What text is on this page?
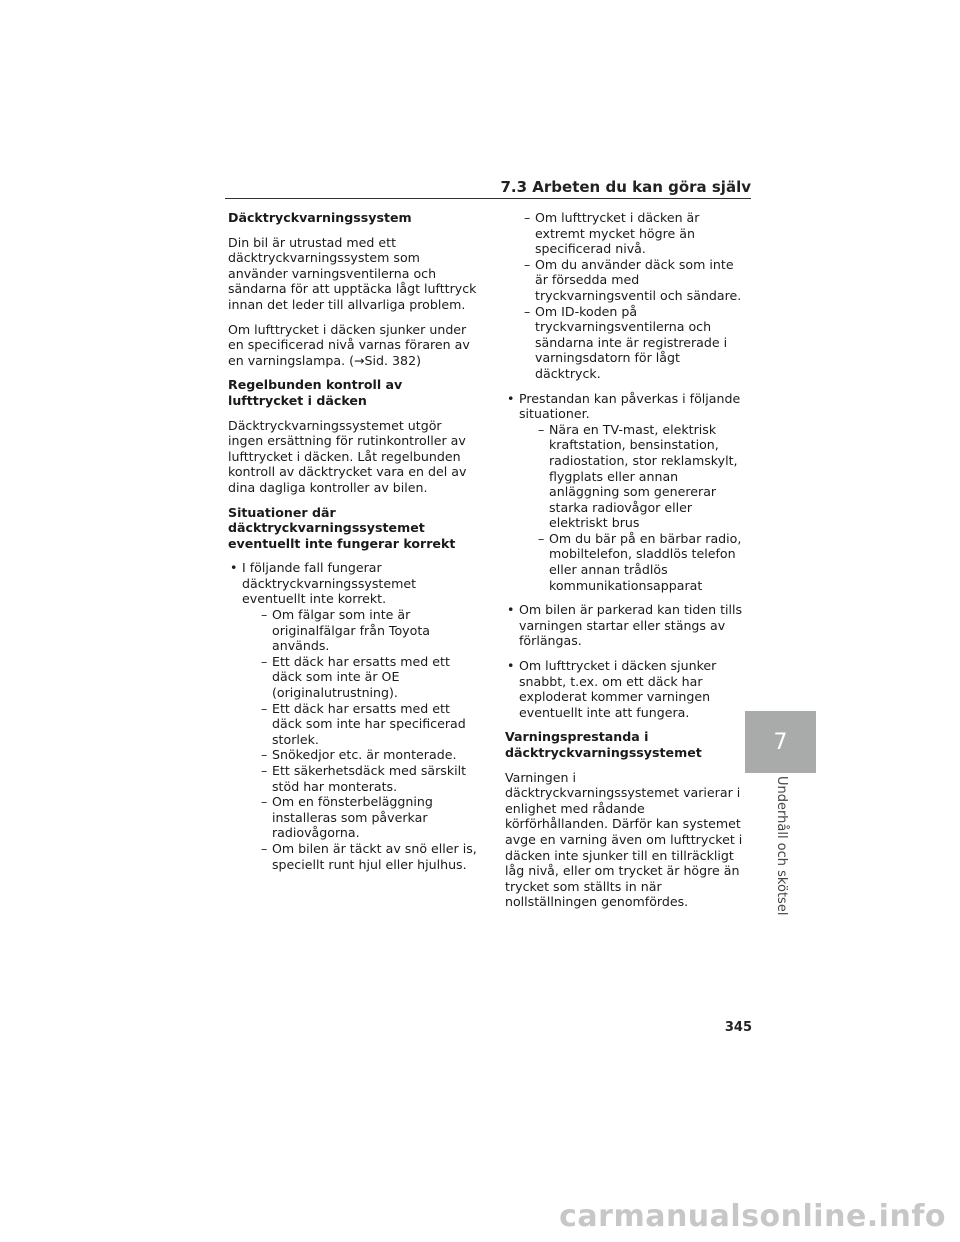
7.3 Arbeten du kan göra själv
Däcktryckvarningssystem

Din bil är utrustad med ett däcktryckvarningssystem som använder varningsventilerna och sändarna för att upptäcka lågt lufttryck innan det leder till allvarliga problem.

Om lufttrycket i däcken sjunker under en specificerad nivå varnas föraren av en varningslampa. (→Sid. 382)

Regelbunden kontroll av lufttrycket i däcken

Däcktryckvarningssystemet utgör ingen ersättning för rutinkontroller av lufttrycket i däcken. Låt regelbunden kontroll av däcktrycket vara en del av dina dagliga kontroller av bilen.

Situationer där däcktryckvarningssystemet eventuellt inte fungerar korrekt
• I följande fall fungerar däcktryckvarningssystemet eventuellt inte korrekt.
– Om fälgar som inte är originalfälgar från Toyota används.
– Ett däck har ersatts med ett däck som inte är OE (originalutrustning).
– Ett däck har ersatts med ett däck som inte har specificerad storlek.
– Snökedjor etc. är monterade.
– Ett säkerhetsdäck med särskilt stöd har monterats.
– Om en fönsterbeläggning installeras som påverkar radiovågorna.
– Om bilen är täckt av snö eller is, speciellt runt hjul eller hjulhus.
– Om lufttrycket i däcken är extremt mycket högre än specificerad nivå.
– Om du använder däck som inte är försedda med tryckvarningsventil och sändare.
– Om ID-koden på tryckvarningsventilerna och sändarna inte är registrerade i varningsdatorn för lågt däcktryck.
• Prestandan kan påverkas i följande situationer.
– Nära en TV-mast, elektrisk kraftstation, bensinstation, radiostation, stor reklamskylt, flygplats eller annan anläggning som genererar starka radiovågor eller elektriskt brus
– Om du bär på en bärbar radio, mobiltelefon, sladdlös telefon eller annan trådlös kommunikationsapparat
• Om bilen är parkerad kan tiden tills varningen startar eller stängs av förlängas.
• Om lufttrycket i däcken sjunker snabbt, t.ex. om ett däck har exploderat kommer varningen eventuellt inte att fungera.
Varningsprestanda i däcktryckvarningssystemet

Varningen i däcktryckvarningssystemet varierar i enlighet med rådande körförhållanden. Därför kan systemet avge en varning även om lufttrycket i däcken inte sjunker till en tillräckligt låg nivå, eller om trycket är högre än trycket som ställts in när nollställningen genomfördes.

7
Underhåll och skötsel
345
carmanualsonline.info
